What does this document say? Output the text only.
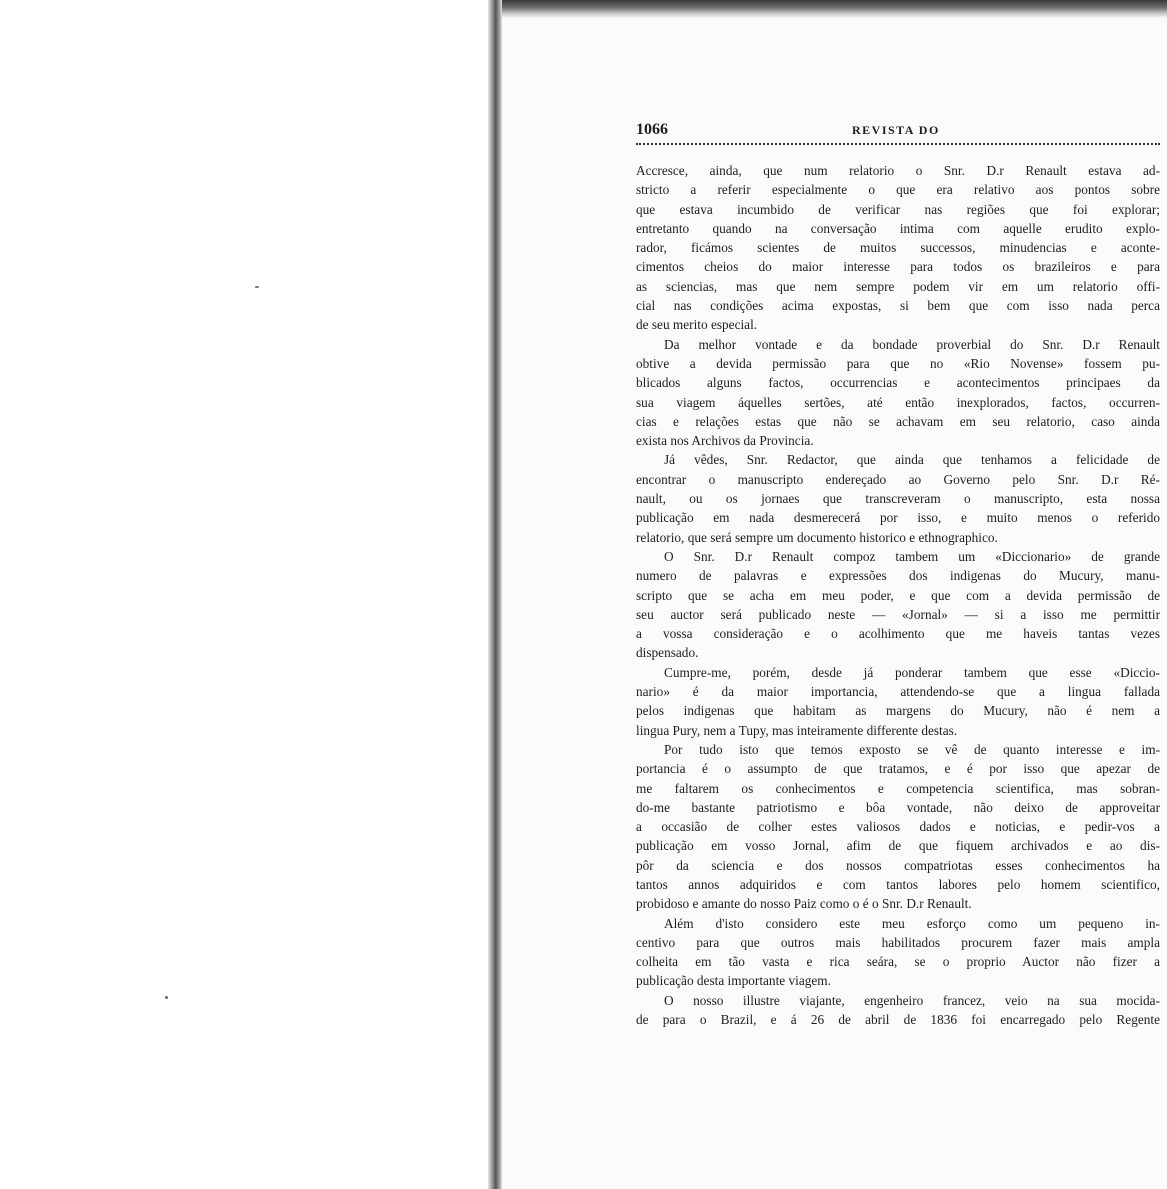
1066	REVISTA DO
Accresce, ainda, que num relatorio o Snr. D.r Renault estava ad-
stricto a referir especialmente o que era relativo aos pontos sobre
que estava incumbido de verificar nas regiões que foi explorar;
entretanto quando na conversação intima com aquelle erudito explo-
rador, ficámos scientes de muitos successos, minudencias e aconte-
cimentos cheios do maior interesse para todos os brazileiros e para
as sciencias, mas que nem sempre podem vir em um relatorio offi-
cial nas condições acima expostas, si bem que com isso nada perca
de seu merito especial.
Da melhor vontade e da bondade proverbial do Snr. D.r Renault
obtive a devida permissão para que no «Rio Novense» fossem pu-
blicados alguns factos, occurrencias e acontecimentos principaes da
sua viagem áquelles sertões, até então inexplorados, factos, occurren-
cias e relações estas que não se achavam em seu relatorio, caso ainda
exista nos Archivos da Provincia.
Já vêdes, Snr. Redactor, que ainda que tenhamos a felicidade de
encontrar o manuscripto endereçado ao Governo pelo Snr. D.r Ré-
nault, ou os jornaes que transcreveram o manuscripto, esta nossa
publicação em nada desmerecerá por isso, e muito menos o referido
relatorio, que será sempre um documento historico e ethnographico.
O Snr. D.r Renault compoz tambem um «Diccionario» de grande
numero de palavras e expressões dos indigenas do Mucury, manu-
scripto que se acha em meu poder, e que com a devida permissão de
seu auctor será publicado neste — «Jornal» — si a isso me permittir
a vossa consideração e o acolhimento que me haveis tantas vezes
dispensado.
Cumpre-me, porém, desde já ponderar tambem que esse «Diccio-
nario» é da maior importancia, attendendo-se que a lingua fallada
pelos indigenas que habitam as margens do Mucury, não é nem a
lingua Pury, nem a Tupy, mas inteiramente differente destas.
Por tudo isto que temos exposto se vê de quanto interesse e im-
portancia é o assumpto de que tratamos, e é por isso que apezar de
me faltarem os conhecimentos e competencia scientifica, mas sobran-
do-me bastante patriotismo e bôa vontade, não deixo de approveitar
a occasião de colher estes valiosos dados e noticias, e pedir-vos a
publicação em vosso Jornal, afim de que fiquem archivados e ao dis-
pôr da sciencia e dos nossos compatriotas esses conhecimentos ha
tantos annos adquiridos e com tantos labores pelo homem scientifico,
probidoso e amante do nosso Paiz como o é o Snr. D.r Renault.
Além d'isto considero este meu esforço como um pequeno in-
centivo para que outros mais habilitados procurem fazer mais ampla
colheita em tão vasta e rica seára, se o proprio Auctor não fizer a
publicação desta importante viagem.
O nosso illustre viajante, engenheiro francez, veio na sua mocida-
de para o Brazil, e á 26 de abril de 1836 foi encarregado pelo Regente
